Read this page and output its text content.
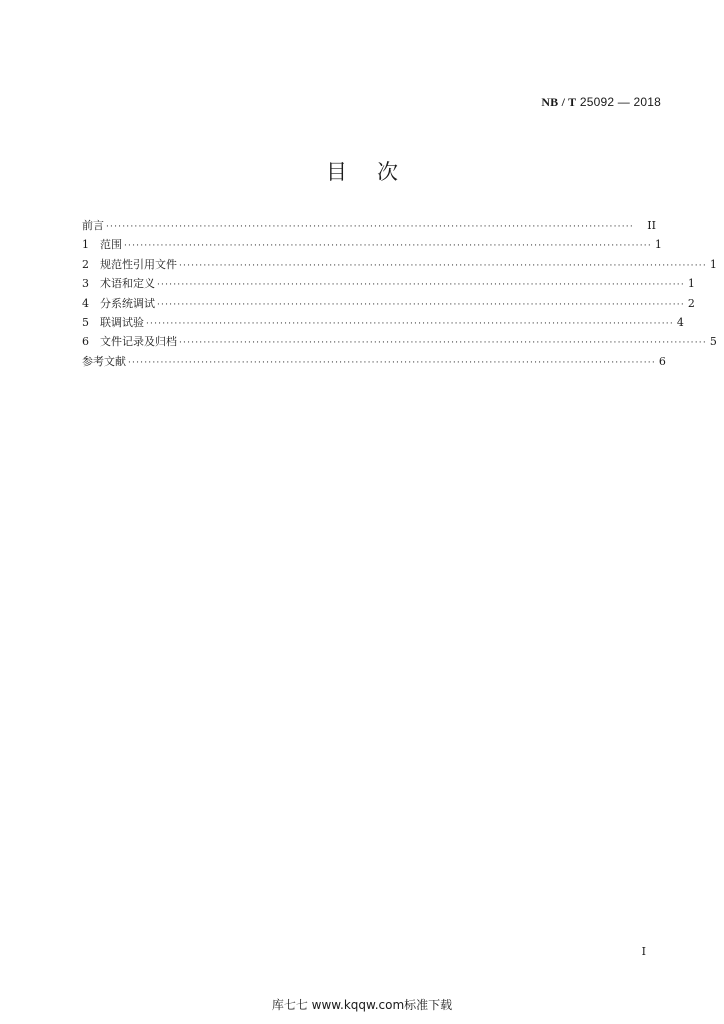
NB / T 25092 — 2018
目次
前言 ··································································································································	II
1	范围 ·································································································································· 1
2	规范性引用文件 ·································································································································· 1
3	术语和定义 ·································································································································· 1
4	分系统调试 ·································································································································· 2
5	联调试验 ·································································································································· 4
6	文件记录及归档 ·································································································································· 5
参考文献 ·································································································································· 6
I
库七七 www.kqqw.com标准下载
